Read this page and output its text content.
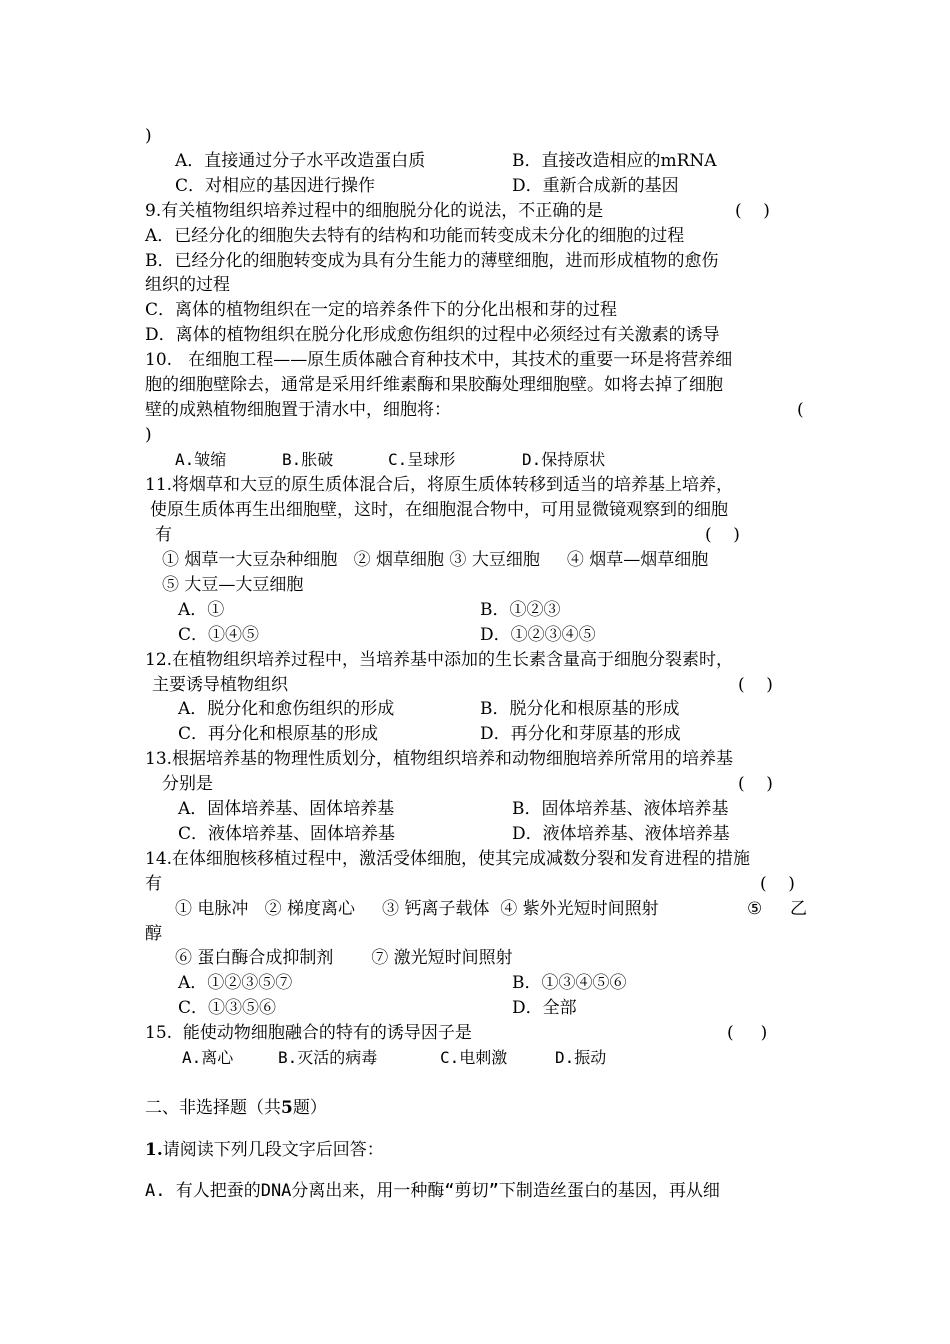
)
A．直接通过分子水平改造蛋白质	B．直接改造相应的mRNA
C．对相应的基因进行操作	D．重新合成新的基因
9.有关植物组织培养过程中的细胞脱分化的说法，不正确的是	(    )
A．已经分化的细胞失去特有的结构和功能而转变成未分化的细胞的过程
B．已经分化的细胞转变成为具有分生能力的薄壁细胞，进而形成植物的愈伤
组织的过程
C．离体的植物组织在一定的培养条件下的分化出根和芽的过程
D．离体的植物组织在脱分化形成愈伤组织的过程中必须经过有关激素的诱导
10.   在细胞工程——原生质体融合育种技术中，其技术的重要一环是将营养细
胞的细胞壁除去，通常是采用纤维素酶和果胶酶处理细胞壁。如将去掉了细胞
壁的成熟植物细胞置于清水中，细胞将：	(
)
A.皱缩	B.胀破	C.呈球形	D.保持原状
11.将烟草和大豆的原生质体混合后，将原生质体转移到适当的培养基上培养，
使原生质体再生出细胞壁，这时，在细胞混合物中，可用显微镜观察到的细胞
有	(    )
① 烟草一大豆杂种细胞   ② 烟草细胞 ③ 大豆细胞     ④ 烟草—烟草细胞
⑤ 大豆—大豆细胞
A．①	B．①②③
C．①④⑤	D．①②③④⑤
12.在植物组织培养过程中，当培养基中添加的生长素含量高于细胞分裂素时，
主要诱导植物组织	(    )
A．脱分化和愈伤组织的形成	B．脱分化和根原基的形成
C．再分化和根原基的形成	D．再分化和芽原基的形成
13.根据培养基的物理性质划分，植物组织培养和动物细胞培养所常用的培养基
分别是	(    )
A．固体培养基、固体培养基	B．固体培养基、液体培养基
C．液体培养基、固体培养基	D．液体培养基、液体培养基
14.在体细胞核移植过程中，激活受体细胞，使其完成减数分裂和发育进程的措施
有	(    )
① 电脉冲   ② 梯度离心     ③ 钙离子载体  ④ 紫外光短时间照射	⑤ 乙
醇
⑥ 蛋白酶合成抑制剂       ⑦ 激光短时间照射
A．①②③⑤⑦	B．①③④⑤⑥
C．①③⑤⑥	D．全部
15.  能使动物细胞融合的特有的诱导因子是	(     )
A.离心	B.灭活的病毒	C.电刺激	D.振动
二、非选择题（共5题）
1.请阅读下列几段文字后回答：
A. 有人把蚕的DNA分离出来，用一种酶“剪切”下制造丝蛋白的基因，再从细
